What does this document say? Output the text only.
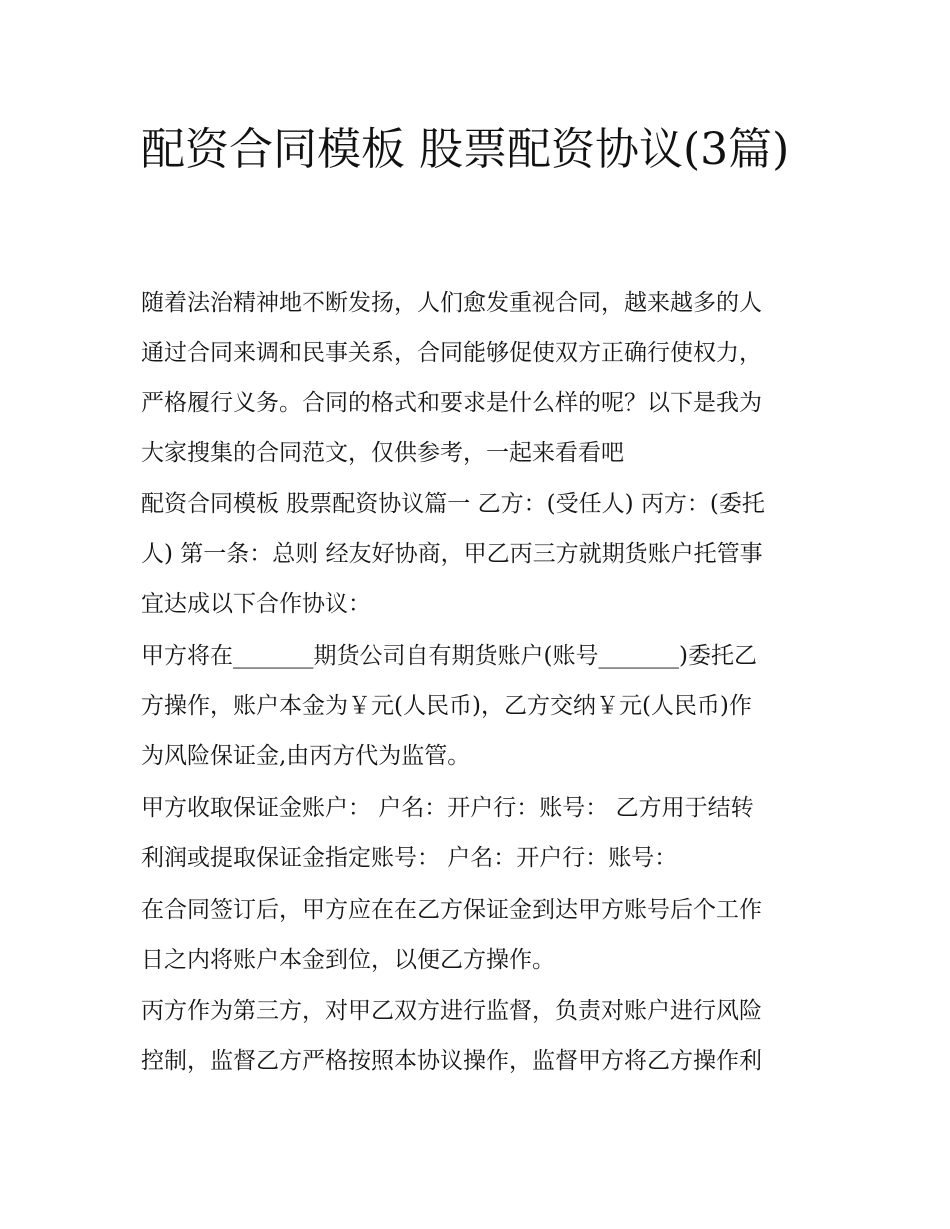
配资合同模板 股票配资协议(3篇)
随着法治精神地不断发扬，人们愈发重视合同，越来越多的人
通过合同来调和民事关系，合同能够促使双方正确行使权力，
严格履行义务。合同的格式和要求是什么样的呢？以下是我为
大家搜集的合同范文，仅供参考，一起来看看吧
配资合同模板 股票配资协议篇一 乙方：(受任人) 丙方：(委托
人) 第一条：总则 经友好协商，甲乙丙三方就期货账户托管事
宜达成以下合作协议：
甲方将在_______期货公司自有期货账户(账号_______)委托乙
方操作，账户本金为￥元(人民币)，乙方交纳￥元(人民币)作
为风险保证金,由丙方代为监管。
甲方收取保证金账户： 户名：开户行：账号： 乙方用于结转
利润或提取保证金指定账号： 户名：开户行：账号：
在合同签订后，甲方应在在乙方保证金到达甲方账号后个工作
日之内将账户本金到位，以便乙方操作。
丙方作为第三方，对甲乙双方进行监督，负责对账户进行风险
控制，监督乙方严格按照本协议操作，监督甲方将乙方操作利
